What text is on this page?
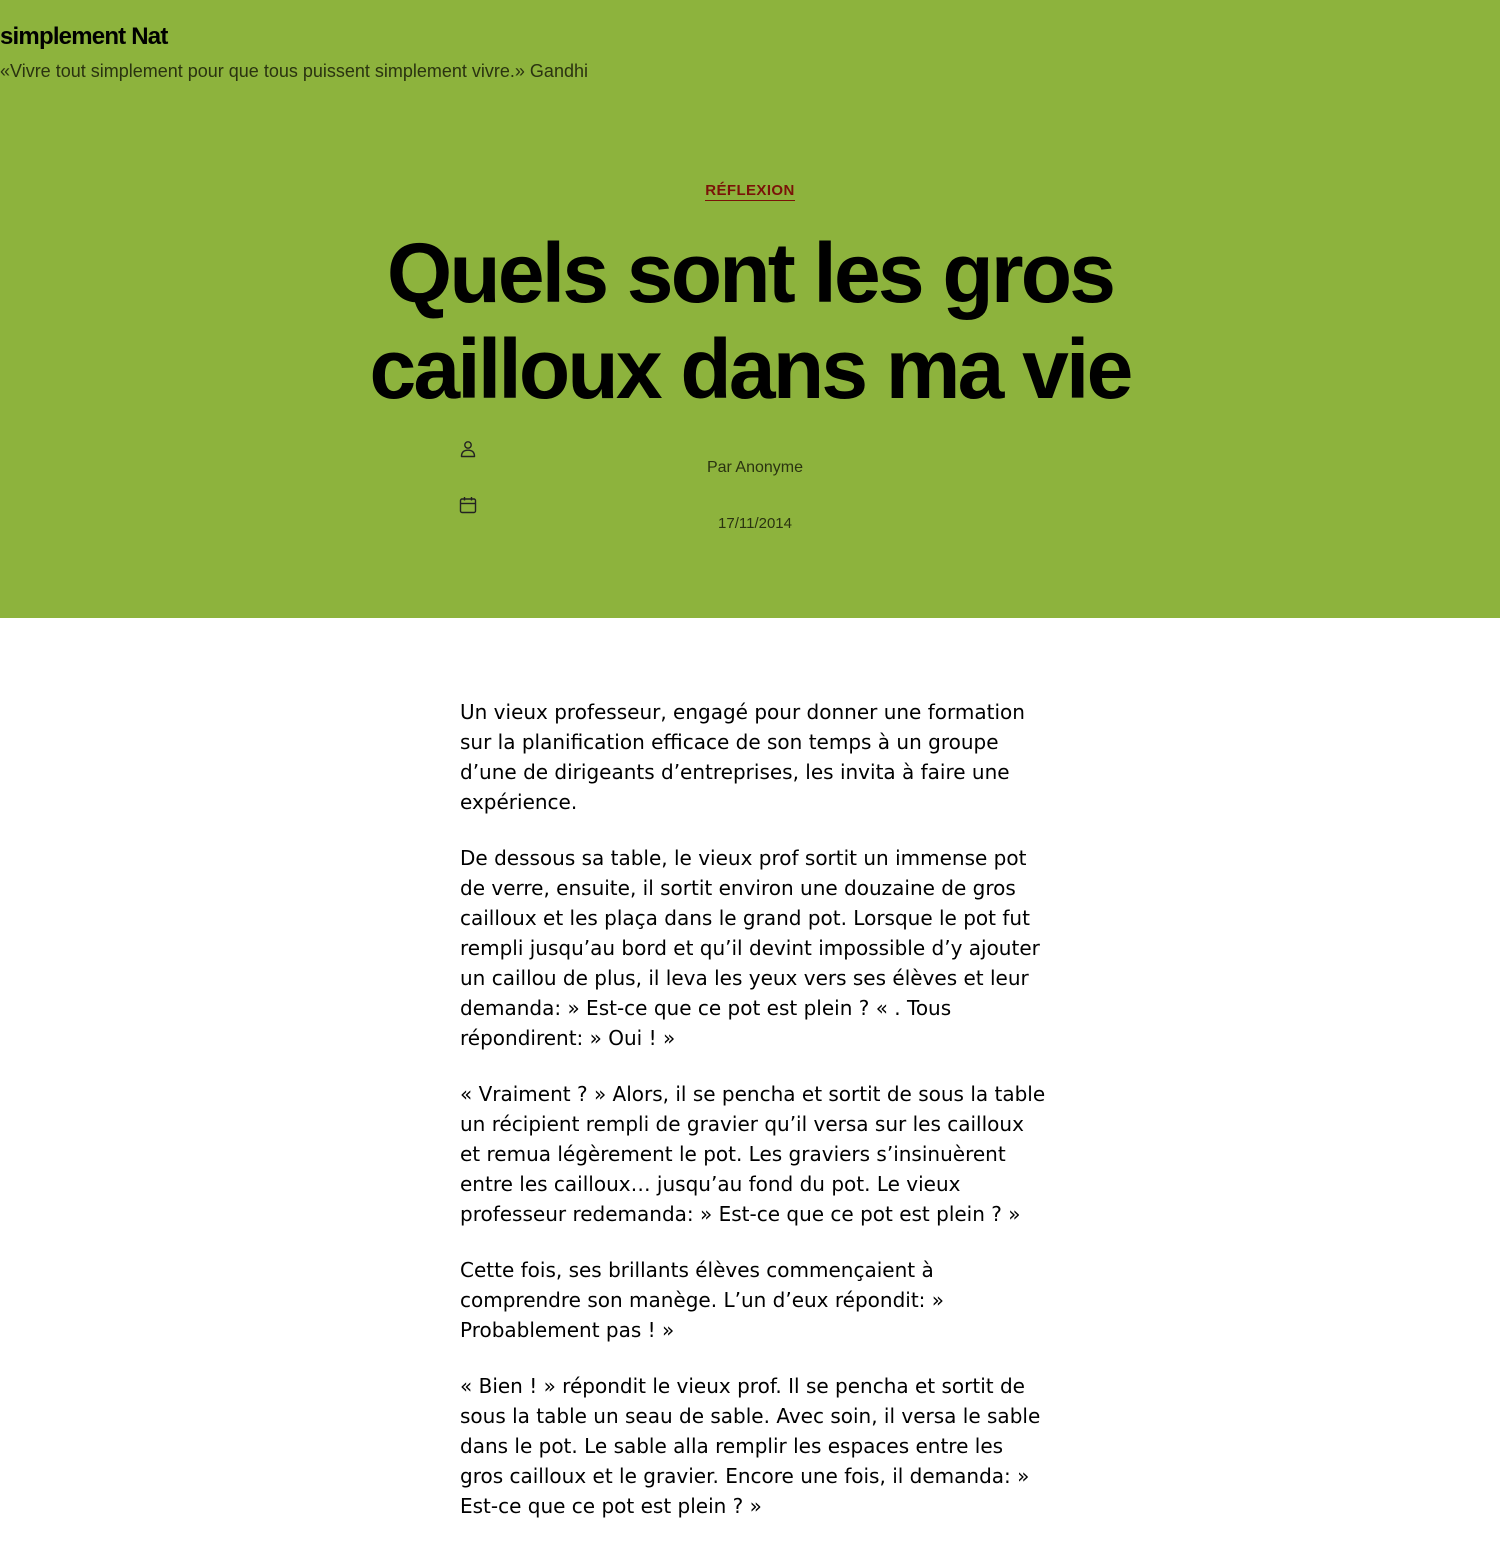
simplement Nat

«Vivre tout simplement pour que tous puissent simplement vivre.» Gandhi

RÉFLEXION
Quels sont les gros cailloux dans ma vie
Par Anonyme
17/11/2014

Un vieux professeur, engagé pour donner une formation sur la planification efficace de son temps à un groupe d’une de dirigeants d’entreprises, les invita à faire une expérience.

De dessous sa table, le vieux prof sortit un immense pot de verre, ensuite, il sortit environ une douzaine de gros cailloux et les plaça dans le grand pot. Lorsque le pot fut rempli jusqu’au bord et qu’il devint impossible d’y ajouter un caillou de plus, il leva les yeux vers ses élèves et leur demanda: » Est-ce que ce pot est plein ? « . Tous répondirent: » Oui ! »

« Vraiment ? » Alors, il se pencha et sortit de sous la table un récipient rempli de gravier qu’il versa sur les cailloux et remua légèrement le pot. Les graviers s’insinuèrent entre les cailloux… jusqu’au fond du pot. Le vieux professeur redemanda: » Est-ce que ce pot est plein ? »

Cette fois, ses brillants élèves commençaient à comprendre son manège. L’un d’eux répondit: » Probablement pas ! »

« Bien ! » répondit le vieux prof. Il se pencha et sortit de sous la table un seau de sable. Avec soin, il versa le sable dans le pot. Le sable alla remplir les espaces entre les gros cailloux et le gravier. Encore une fois, il demanda: » Est-ce que ce pot est plein ? »
